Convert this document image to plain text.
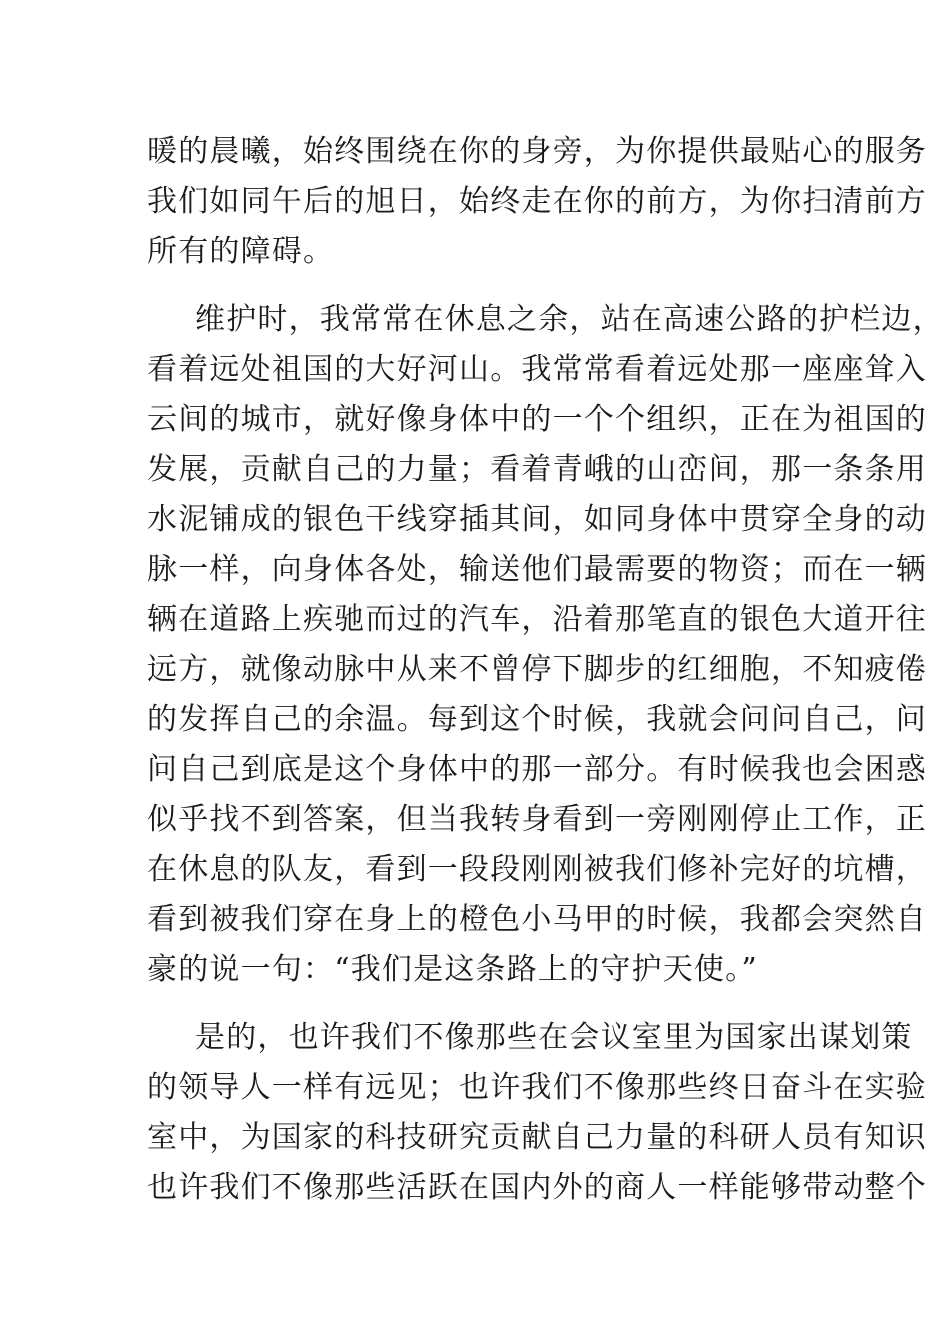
暖的晨曦，始终围绕在你的身旁，为你提供最贴心的服务
我们如同午后的旭日，始终走在你的前方，为你扫清前方
所有的障碍。
维护时，我常常在休息之余，站在高速公路的护栏边，
看着远处祖国的大好河山。我常常看着远处那一座座耸入
云间的城市，就好像身体中的一个个组织，正在为祖国的
发展，贡献自己的力量；看着青峨的山峦间，那一条条用
水泥铺成的银色干线穿插其间，如同身体中贯穿全身的动
脉一样，向身体各处，输送他们最需要的物资；而在一辆
辆在道路上疾驰而过的汽车，沿着那笔直的银色大道开往
远方，就像动脉中从来不曾停下脚步的红细胞，不知疲倦
的发挥自己的余温。每到这个时候，我就会问问自己，问
问自己到底是这个身体中的那一部分。有时候我也会困惑
似乎找不到答案，但当我转身看到一旁刚刚停止工作，正
在休息的队友，看到一段段刚刚被我们修补完好的坑槽，
看到被我们穿在身上的橙色小马甲的时候，我都会突然自
豪的说一句：“我们是这条路上的守护天使。”
是的，也许我们不像那些在会议室里为国家出谋划策
的领导人一样有远见；也许我们不像那些终日奋斗在实验
室中，为国家的科技研究贡献自己力量的科研人员有知识
也许我们不像那些活跃在国内外的商人一样能够带动整个
